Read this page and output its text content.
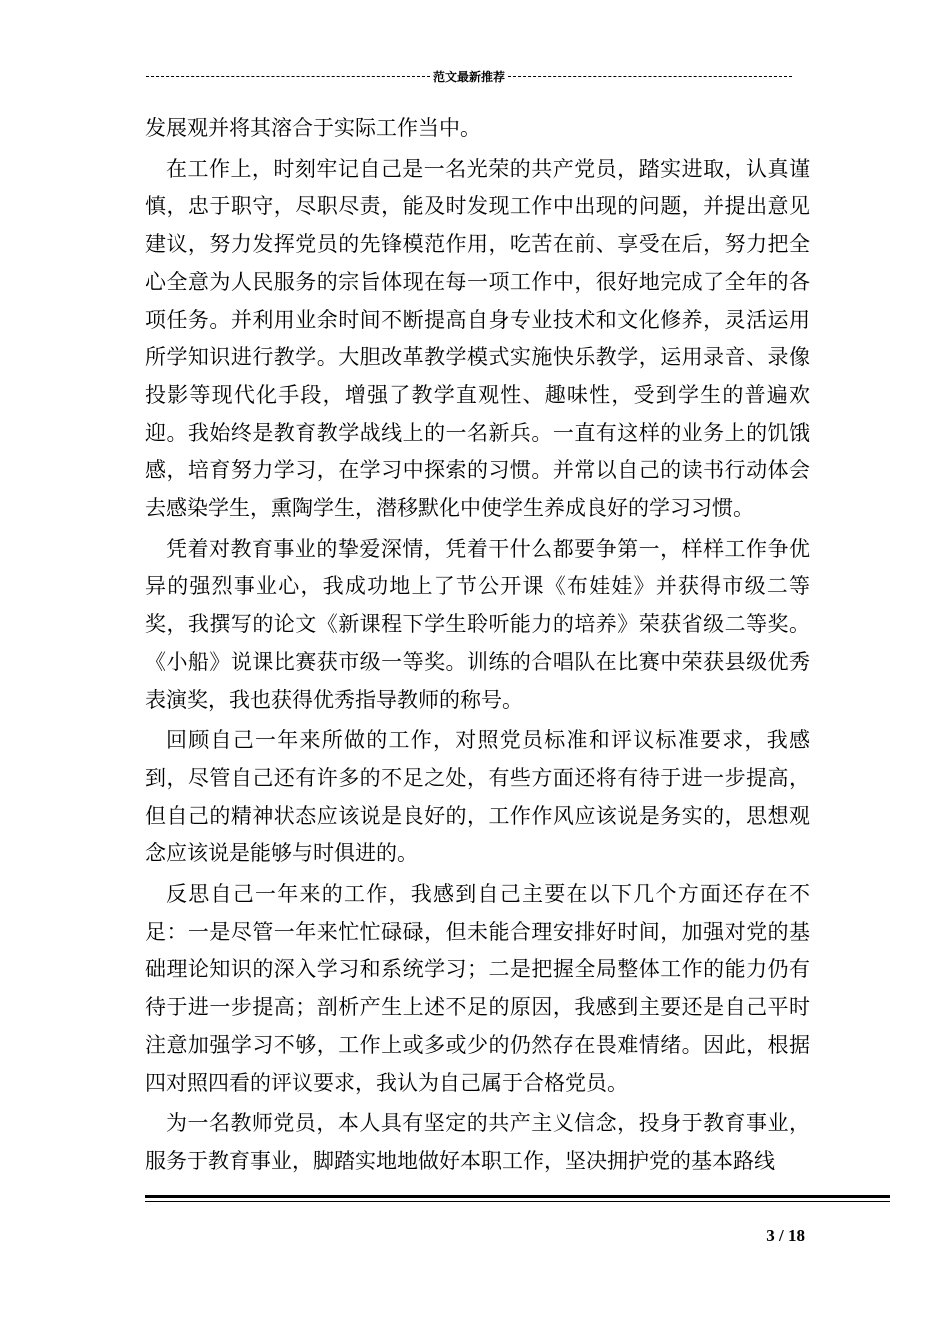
范文最新推荐

发展观并将其溶合于实际工作当中。

在工作上，时刻牢记自己是一名光荣的共产党员，踏实进取，认真谨慎，忠于职守，尽职尽责，能及时发现工作中出现的问题，并提出意见建议，努力发挥党员的先锋模范作用，吃苦在前、享受在后，努力把全心全意为人民服务的宗旨体现在每一项工作中，很好地完成了全年的各项任务。并利用业余时间不断提高自身专业技术和文化修养，灵活运用所学知识进行教学。大胆改革教学模式实施快乐教学，运用录音、录像投影等现代化手段，增强了教学直观性、趣味性，受到学生的普遍欢迎。我始终是教育教学战线上的一名新兵。一直有这样的业务上的饥饿感，培育努力学习，在学习中探索的习惯。并常以自己的读书行动体会去感染学生，熏陶学生，潜移默化中使学生养成良好的学习习惯。

凭着对教育事业的挚爱深情，凭着干什么都要争第一，样样工作争优异的强烈事业心，我成功地上了节公开课《布娃娃》并获得市级二等奖，我撰写的论文《新课程下学生聆听能力的培养》荣获省级二等奖。《小船》说课比赛获市级一等奖。训练的合唱队在比赛中荣获县级优秀表演奖，我也获得优秀指导教师的称号。

回顾自己一年来所做的工作，对照党员标准和评议标准要求，我感到，尽管自己还有许多的不足之处，有些方面还将有待于进一步提高，但自己的精神状态应该说是良好的，工作作风应该说是务实的，思想观念应该说是能够与时俱进的。

反思自己一年来的工作，我感到自己主要在以下几个方面还存在不足：一是尽管一年来忙忙碌碌，但未能合理安排好时间，加强对党的基础理论知识的深入学习和系统学习；二是把握全局整体工作的能力仍有待于进一步提高；剖析产生上述不足的原因，我感到主要还是自己平时注意加强学习不够，工作上或多或少的仍然存在畏难情绪。因此，根据四对照四看的评议要求，我认为自己属于合格党员。

为一名教师党员，本人具有坚定的共产主义信念，投身于教育事业，服务于教育事业，脚踏实地地做好本职工作，坚决拥护党的基本路线

3 / 18
